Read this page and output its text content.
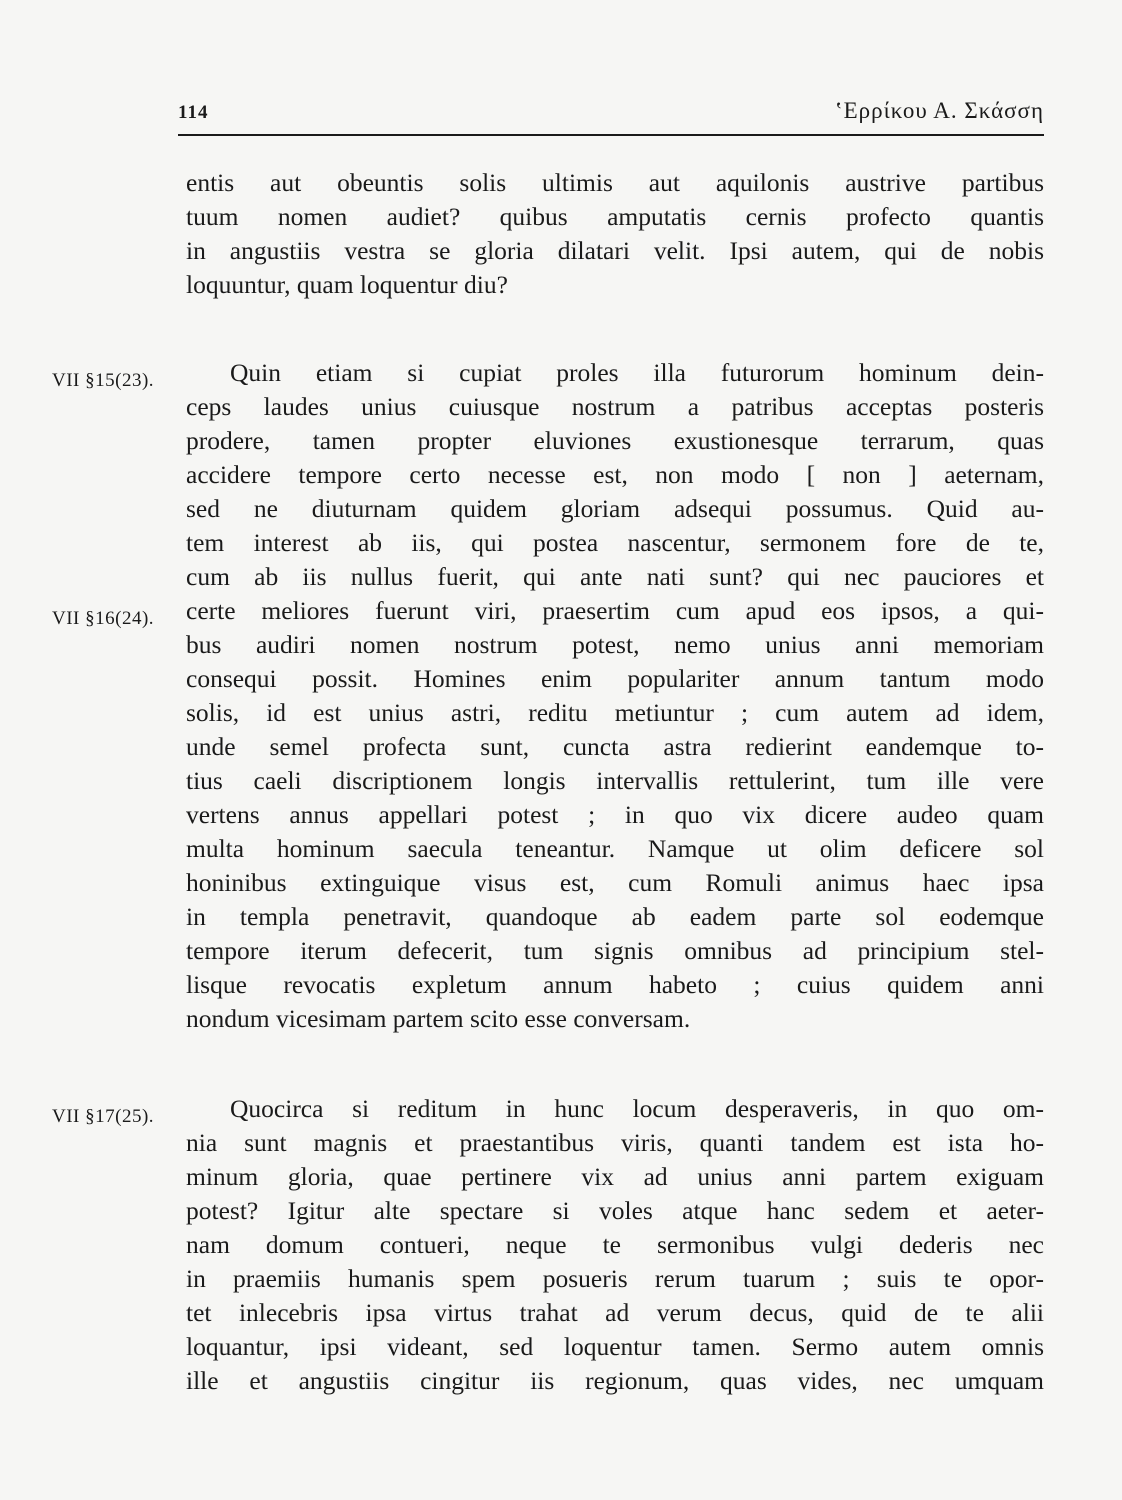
114	ʽΕρρίκου Α. Σκάσση
entis aut obeuntis solis ultimis aut aquilonis austrive partibus
tuum nomen audiet? quibus amputatis cernis profecto quantis
in angustiis vestra se gloria dilatari velit. Ipsi autem, qui de nobis
loquuntur, quam loquentur diu?
VII §15(23).	Quin etiam si cupiat proles illa futurorum hominum dein-
ceps laudes unius cuiusque nostrum a patribus acceptas posteris
prodere, tamen propter eluviones exustionesque terrarum, quas
accidere tempore certo necesse est, non modo [ non ] aeternam,
sed ne diuturnam quidem gloriam adsequi possumus. Quid au-
tem interest ab iis, qui postea nascentur, sermonem fore de te,
cum ab iis nullus fuerit, qui ante nati sunt? qui nec pauciores et
VII §16(24). certe meliores fuerunt viri, praesertim cum apud eos ipsos, a qui-
bus audiri nomen nostrum potest, nemo unius anni memoriam
consequi possit. Homines enim populariter annum tantum modo
solis, id est unius astri, reditu metiuntur ; cum autem ad idem,
unde semel profecta sunt, cuncta astra redierint eandemque to-
tius caeli discriptionem longis intervallis rettulerint, tum ille vere
vertens annus appellari potest ; in quo vix dicere audeo quam
multa hominum saecula teneantur. Namque ut olim deficere sol
honinibus extinguique visus est, cum Romuli animus haec ipsa
in templa penetravit, quandoque ab eadem parte sol eodemque
tempore iterum defecerit, tum signis omnibus ad principium stel-
lisque revocatis expletum annum habeto ; cuius quidem anni
nondum vicesimam partem scito esse conversam.
VII §17(25).	Quocirca si reditum in hunc locum desperaveris, in quo om-
nia sunt magnis et praestantibus viris, quanti tandem est ista ho-
minum gloria, quae pertinere vix ad unius anni partem exiguam
potest? Igitur alte spectare si voles atque hanc sedem et aeter-
nam domum contueri, neque te sermonibus vulgi dederis nec
in praemiis humanis spem posueris rerum tuarum ; suis te opor-
tet inlecebris ipsa virtus trahat ad verum decus, quid de te alii
loquantur, ipsi videant, sed loquentur tamen. Sermo autem omnis
ille et angustiis cingitur iis regionum, quas vides, nec umquam
